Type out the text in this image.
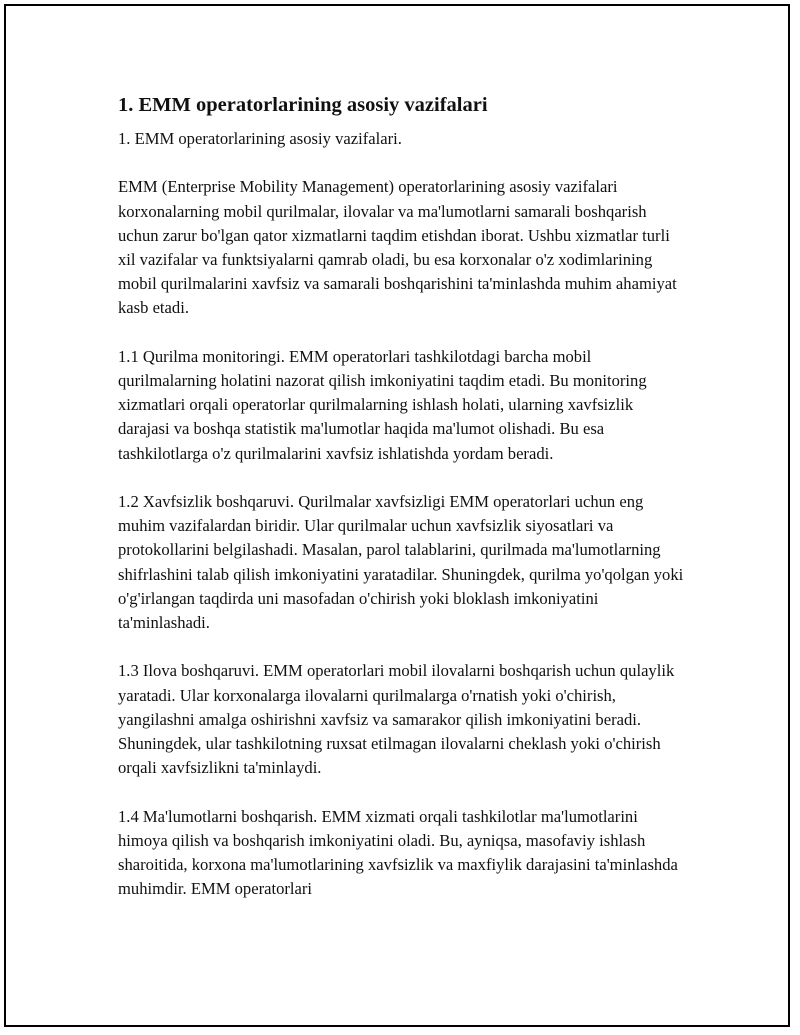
1. EMM operatorlarining asosiy vazifalari

1. EMM operatorlarining asosiy vazifalari.

EMM (Enterprise Mobility Management) operatorlarining asosiy vazifalari korxonalarning mobil qurilmalar, ilovalar va ma'lumotlarni samarali boshqarish uchun zarur bo'lgan qator xizmatlarni taqdim etishdan iborat. Ushbu xizmatlar turli xil vazifalar va funktsiyalarni qamrab oladi, bu esa korxonalar o'z xodimlarining mobil qurilmalarini xavfsiz va samarali boshqarishini ta'minlashda muhim ahamiyat kasb etadi.

1.1 Qurilma monitoringi. EMM operatorlari tashkilotdagi barcha mobil qurilmalarning holatini nazorat qilish imkoniyatini taqdim etadi. Bu monitoring xizmatlari orqali operatorlar qurilmalarning ishlash holati, ularning xavfsizlik darajasi va boshqa statistik ma'lumotlar haqida ma'lumot olishadi. Bu esa tashkilotlarga o'z qurilmalarini xavfsiz ishlatishda yordam beradi.

1.2 Xavfsizlik boshqaruvi. Qurilmalar xavfsizligi EMM operatorlari uchun eng muhim vazifalardan biridir. Ular qurilmalar uchun xavfsizlik siyosatlari va protokollarini belgilashadi. Masalan, parol talablarini, qurilmada ma'lumotlarning shifrlashini talab qilish imkoniyatini yaratadilar. Shuningdek, qurilma yo'qolgan yoki o'g'irlangan taqdirda uni masofadan o'chirish yoki bloklash imkoniyatini ta'minlashadi.

1.3 Ilova boshqaruvi. EMM operatorlari mobil ilovalarni boshqarish uchun qulaylik yaratadi. Ular korxonalarga ilovalarni qurilmalarga o'rnatish yoki o'chirish, yangilashni amalga oshirishni xavfsiz va samarakor qilish imkoniyatini beradi. Shuningdek, ular tashkilotning ruxsat etilmagan ilovalarni cheklash yoki o'chirish orqali xavfsizlikni ta'minlaydi.

1.4 Ma'lumotlarni boshqarish. EMM xizmati orqali tashkilotlar ma'lumotlarini himoya qilish va boshqarish imkoniyatini oladi. Bu, ayniqsa, masofaviy ishlash sharoitida, korxona ma'lumotlarining xavfsizlik va maxfiylik darajasini ta'minlashda muhimdir. EMM operatorlari
